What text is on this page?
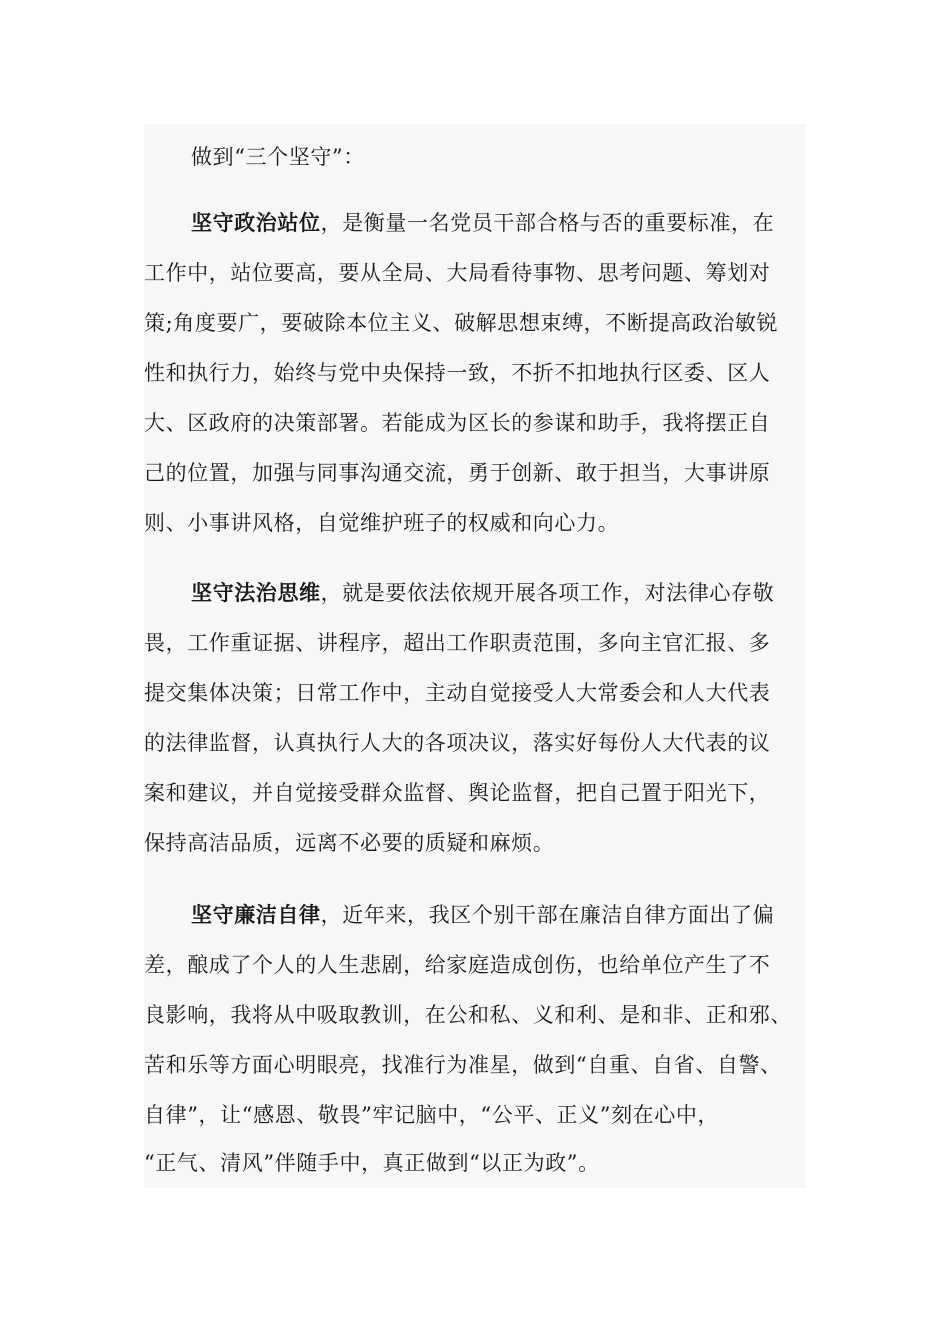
做到“三个坚守”：
坚守政治站位，是衡量一名党员干部合格与否的重要标准，在
工作中，站位要高，要从全局、大局看待事物、思考问题、筹划对
策;角度要广，要破除本位主义、破解思想束缚，不断提高政治敏锐
性和执行力，始终与党中央保持一致，不折不扣地执行区委、区人
大、区政府的决策部署。若能成为区长的参谋和助手，我将摆正自
己的位置，加强与同事沟通交流，勇于创新、敢于担当，大事讲原
则、小事讲风格，自觉维护班子的权威和向心力。
坚守法治思维，就是要依法依规开展各项工作，对法律心存敬
畏，工作重证据、讲程序，超出工作职责范围，多向主官汇报、多
提交集体决策；日常工作中，主动自觉接受人大常委会和人大代表
的法律监督，认真执行人大的各项决议，落实好每份人大代表的议
案和建议，并自觉接受群众监督、舆论监督，把自己置于阳光下，
保持高洁品质，远离不必要的质疑和麻烦。
坚守廉洁自律，近年来，我区个别干部在廉洁自律方面出了偏
差，酿成了个人的人生悲剧，给家庭造成创伤，也给单位产生了不
良影响，我将从中吸取教训，在公和私、义和利、是和非、正和邪、
苦和乐等方面心明眼亮，找准行为准星，做到“自重、自省、自警、
自律”，让“感恩、敬畏”牢记脑中，“公平、正义”刻在心中，
“正气、清风”伴随手中，真正做到“以正为政”。
